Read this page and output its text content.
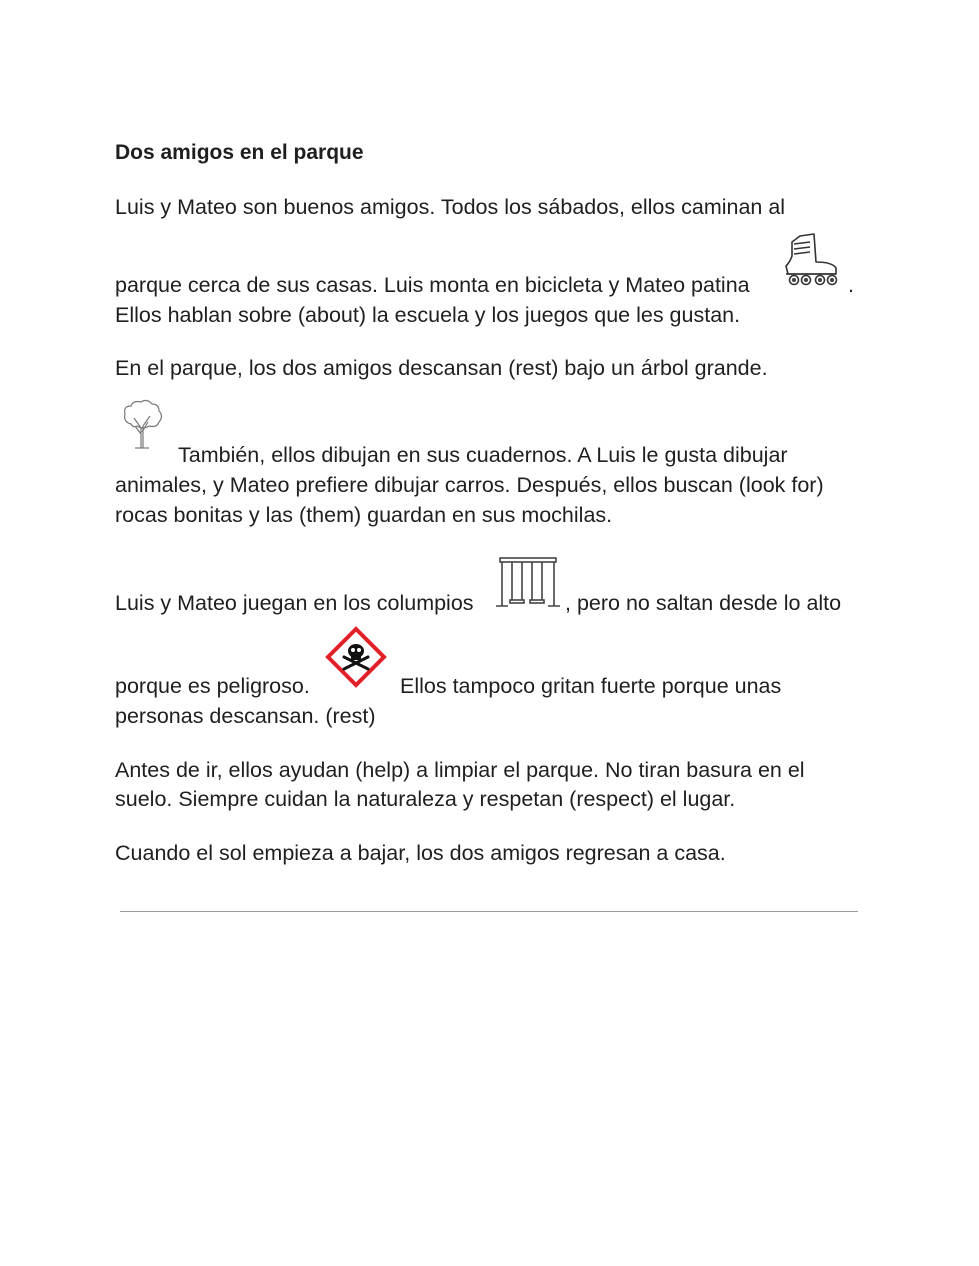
Dos amigos en el parque
Luis y Mateo son buenos amigos. Todos los sábados, ellos caminan al
parque cerca de sus casas. Luis monta en bicicleta y Mateo patina	.
Ellos hablan sobre (about) la escuela y los juegos que les gustan.
En el parque, los dos amigos descansan (rest) bajo un árbol grande.
También, ellos dibujan en sus cuadernos. A Luis le gusta dibujar
animales, y Mateo prefiere dibujar carros. Después, ellos buscan (look for)
rocas bonitas y las (them) guardan en sus mochilas.
Luis y Mateo juegan en los columpios	, pero no saltan desde lo alto
porque es peligroso.	Ellos tampoco gritan fuerte porque unas
personas descansan. (rest)
Antes de ir, ellos ayudan (help) a limpiar el parque. No tiran basura en el
suelo. Siempre cuidan la naturaleza y respetan (respect) el lugar.
Cuando el sol empieza a bajar, los dos amigos regresan a casa.
